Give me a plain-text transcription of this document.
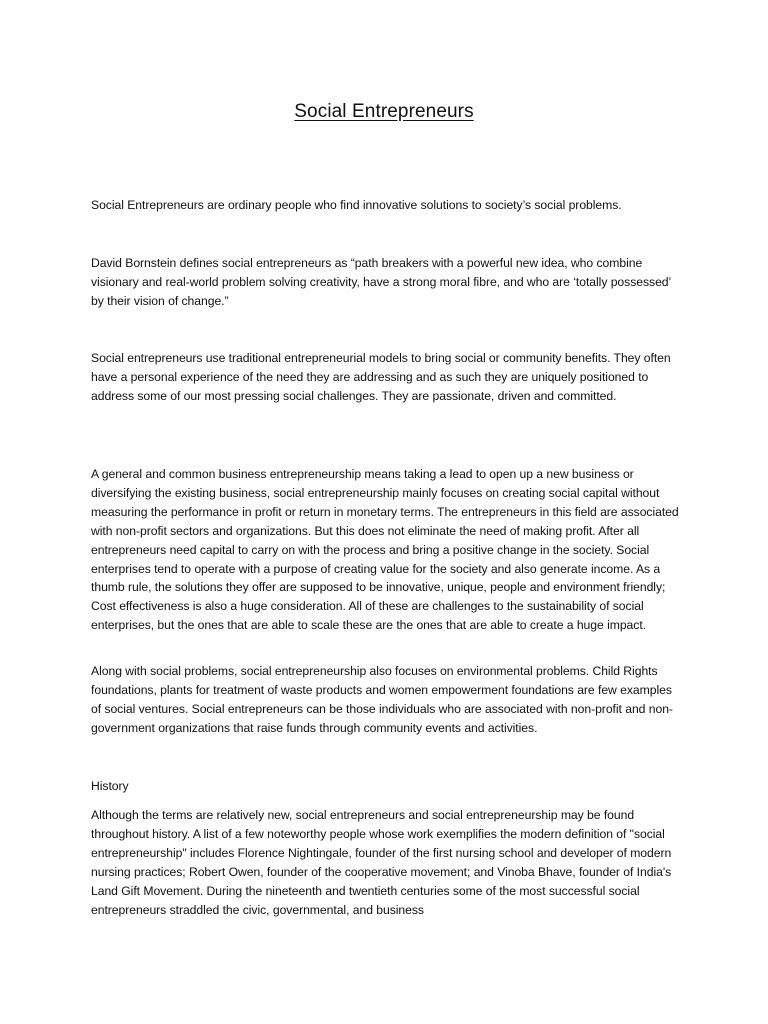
Social Entrepreneurs

Social Entrepreneurs are ordinary people who find innovative solutions to society’s social problems.

David Bornstein defines social entrepreneurs as “path breakers with a powerful new idea, who combine visionary and real-world problem solving creativity, have a strong moral fibre, and who are ‘totally possessed’ by their vision of change.”

Social entrepreneurs use traditional entrepreneurial models to bring social or community benefits. They often have a personal experience of the need they are addressing and as such they are uniquely positioned to address some of our most pressing social challenges. They are passionate, driven and committed.

A general and common business entrepreneurship means taking a lead to open up a new business or diversifying the existing business, social entrepreneurship mainly focuses on creating social capital without measuring the performance in profit or return in monetary terms. The entrepreneurs in this field are associated with non-profit sectors and organizations. But this does not eliminate the need of making profit. After all entrepreneurs need capital to carry on with the process and bring a positive change in the society. Social enterprises tend to operate with a purpose of creating value for the society and also generate income. As a thumb rule, the solutions they offer are supposed to be innovative, unique, people and environment friendly; Cost effectiveness is also a huge consideration. All of these are challenges to the sustainability of social enterprises, but the ones that are able to scale these are the ones that are able to create a huge impact.

Along with social problems, social entrepreneurship also focuses on environmental problems. Child Rights foundations, plants for treatment of waste products and women empowerment foundations are few examples of social ventures. Social entrepreneurs can be those individuals who are associated with non-profit and non-government organizations that raise funds through community events and activities.

History

Although the terms are relatively new, social entrepreneurs and social entrepreneurship may be found throughout history. A list of a few noteworthy people whose work exemplifies the modern definition of "social entrepreneurship" includes Florence Nightingale, founder of the first nursing school and developer of modern nursing practices; Robert Owen, founder of the cooperative movement; and Vinoba Bhave, founder of India's Land Gift Movement. During the nineteenth and twentieth centuries some of the most successful social entrepreneurs straddled the civic, governmental, and business
